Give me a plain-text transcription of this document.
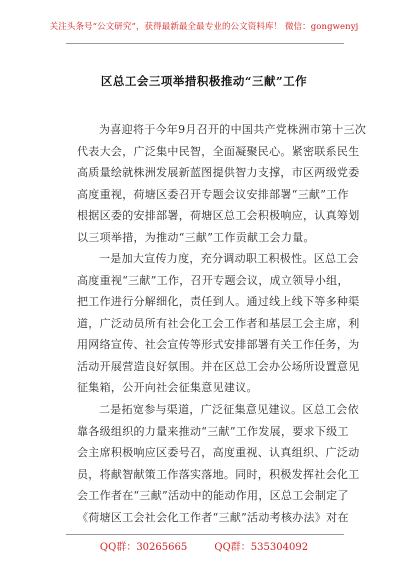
关注头条号“公文研究”，获得最新最全最专业的公文资料库！ 微信：gongwenyj
区总工会三项举措积极推动“三献”工作
为喜迎将于今年9月召开的中国共产党株洲市第十三次
代表大会，广泛集中民智，全面凝聚民心。紧密联系民生
高质量绘就株洲发展新蓝图提供智力支撑，市区两级党委
高度重视，荷塘区委召开专题会议安排部署“三献”工作
根据区委的安排部署，荷塘区总工会积极响应，认真筹划
以三项举措，为推动“三献”工作贡献工会力量。
一是加大宣传力度，充分调动职工积极性。区总工会
高度重视“三献”工作，召开专题会议，成立领导小组，
把工作进行分解细化，责任到人。通过线上线下等多种渠
道，广泛动员所有社会化工会工作者和基层工会主席，利
用网络宣传、社会宣传等形式安排部署有关工作任务，为
活动开展营造良好氛围。并在区总工会办公场所设置意见
征集箱，公开向社会征集意见建议。
二是拓宽参与渠道，广泛征集意见建议。区总工会依
靠各级组织的力量来推动“三献”工作发展，要求下级工
会主席积极响应区委号召，高度重视、认真组织、广泛动
员，将献智献策工作落实落地。同时，积极发挥社会化工
会工作者在“三献”活动中的能动作用，区总工会制定了
《荷塘区工会社会化工作者“三献”活动考核办法》对在
QQ群：30265665	QQ群：535304092
